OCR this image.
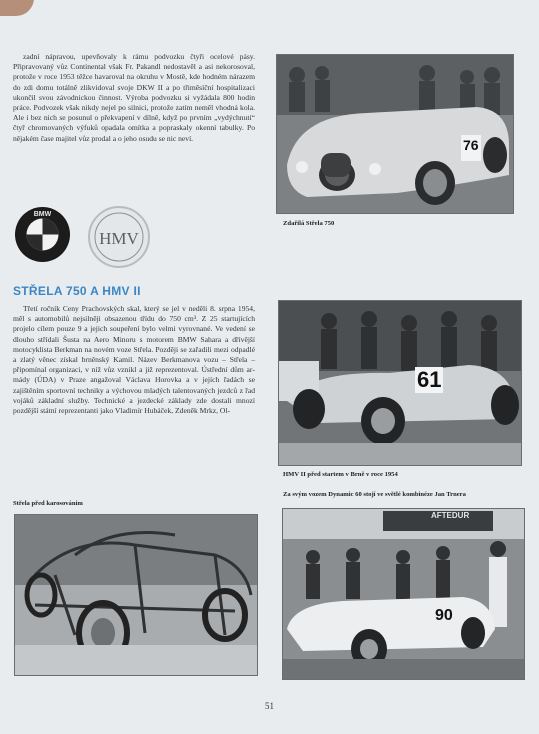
zadní nápravou, upevňovaly k rámu podvozku čtyři ocelové pásy. Připravovaný vůz Continental však Fr. Pakandl nedostavěl a asi nekorosoval, protože v roce 1953 těžce havaroval na okruhu v Mostě, kde hodném nárazem do zdi domu totálně zlikvidoval svoje DKW II a po třiměsíční hospitalizaci ukončil svou závodnickou činnost. Výroba podvozku si vyžádala 800 hodin práce. Podvozek však nikdy nejel po silnici, protože zatím neměl vhodná kola. Ale i bez nich se posunul o překvapení v dílně, když po prvním „vydýchnutí“ čtyř chromovaných výfuků opadala omítka a popraskaly okenní tabulky. Po nějakém čase majitel vůz prodal a o jeho osudu se nic neví.	76
Zdařilá Střela 750
BMW
HMV
STŘELA 750 A HMV II

Třetí ročník Ceny Prachovských skal, který se jel v neděli 8. srpna 1954, měl s automobilů nejsilněji obsazenou třídu do 750 cm³. Z 25 startujících projelo cílem pouze 9 a jejich soupeření bylo velmi vyrovnané. Ve vedení se dlouho střídali Šusta na Aero Minoru s motorem BMW Sahara a dřívější motocyklista Berkman na novém voze Střela. Později se zařadili mezi odpadlé a zlatý věnec získal brněnský Kamil. Název Berkmanova vozu – Střela – připomínal organizaci, v níž vůz vznikl a již reprezentoval. Ústřední dům armády (ÚDA) v Praze angažoval Václava Horovka a v jejích řadách se zajištěním sportovní techniky a výchovou mladých talentovaných jezdců z řad vojáků základní služby. Technické a jezdecké základy zde dostali mnozí pozdější státní reprezentanti jako Vladimír Hubáček, Zdeněk Mrkz, Ol-

61
HMV II před startem v Brně v roce 1954
Za svým vozem Dynamic 60 stojí ve světlé kombinéze Jan Trnera
Střela před karosováním
AFTEDUR
90
51
